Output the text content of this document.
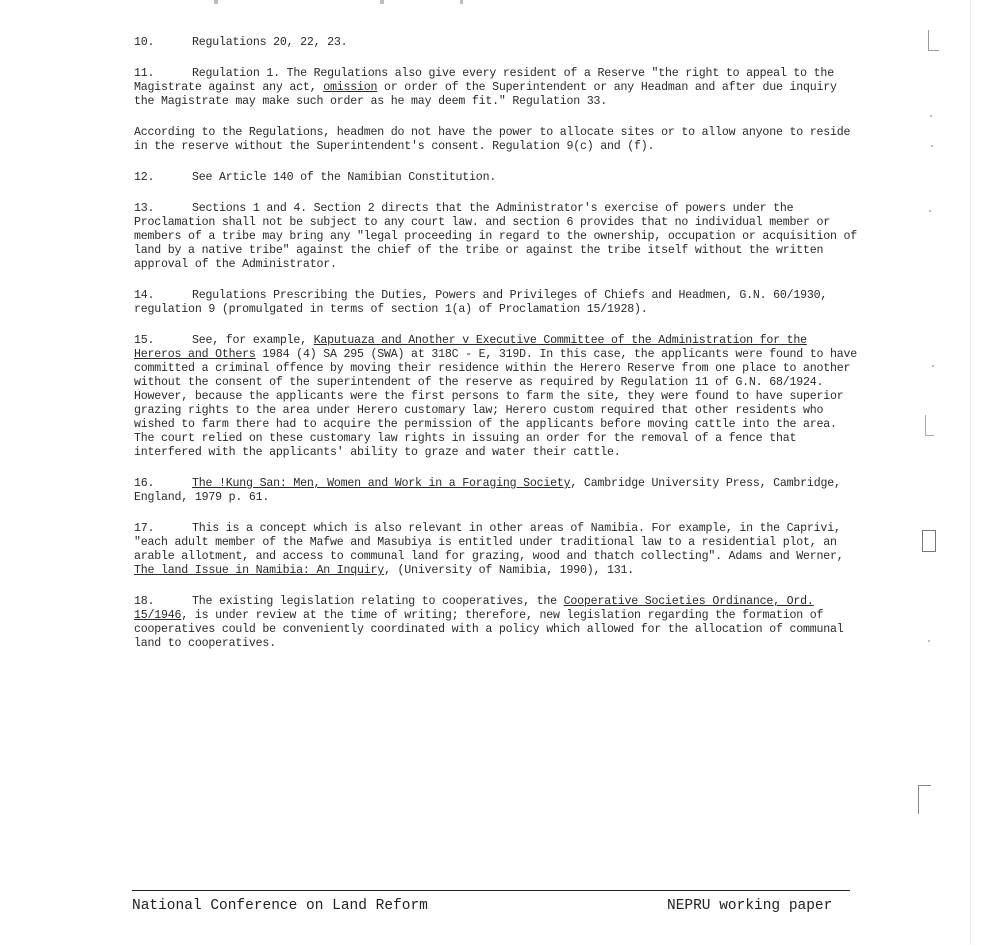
10.	Regulations 20, 22, 23.

11.	Regulation 1. The Regulations also give every resident of a Reserve "the right to appeal to the Magistrate against any act, omission or order of the Superintendent or any Headman and after due inquiry the Magistrate may make such order as he may deem fit." Regulation 33.

According to the Regulations, headmen do not have the power to allocate sites or to allow anyone to reside in the reserve without the Superintendent's consent. Regulation 9(c) and (f).

12.	See Article 140 of the Namibian Constitution.

13.	Sections 1 and 4. Section 2 directs that the Administrator's exercise of powers under the Proclamation shall not be subject to any court law. and section 6 provides that no individual member or members of a tribe may bring any "legal proceeding in regard to the ownership, occupation or acquisition of land by a native tribe" against the chief of the tribe or against the tribe itself without the written approval of the Administrator.

14.	Regulations Prescribing the Duties, Powers and Privileges of Chiefs and Headmen, G.N. 60/1930, regulation 9 (promulgated in terms of section 1(a) of Proclamation 15/1928).

15.	See, for example, Kaputuaza and Another v Executive Committee of the Administration for the Hereros and Others 1984 (4) SA 295 (SWA) at 318C - E, 319D. In this case, the applicants were found to have committed a criminal offence by moving their residence within the Herero Reserve from one place to another without the consent of the superintendent of the reserve as required by Regulation 11 of G.N. 68/1924. However, because the applicants were the first persons to farm the site, they were found to have superior grazing rights to the area under Herero customary law; Herero custom required that other residents who wished to farm there had to acquire the permission of the applicants before moving cattle into the area. The court relied on these customary law rights in issuing an order for the removal of a fence that interfered with the applicants' ability to graze and water their cattle.

16.	The !Kung San: Men, Women and Work in a Foraging Society, Cambridge University Press, Cambridge, England, 1979 p. 61.

17.	This is a concept which is also relevant in other areas of Namibia. For example, in the Caprivi, "each adult member of the Mafwe and Masubiya is entitled under traditional law to a residential plot, an arable allotment, and access to communal land for grazing, wood and thatch collecting". Adams and Werner, The land Issue in Namibia: An Inquiry, (University of Namibia, 1990), 131.

18.	The existing legislation relating to cooperatives, the Cooperative Societies Ordinance, Ord. 15/1946, is under review at the time of writing; therefore, new legislation regarding the formation of cooperatives could be conveniently coordinated with a policy which allowed for the allocation of communal land to cooperatives.

National Conference on Land Reform	NEPRU working paper
